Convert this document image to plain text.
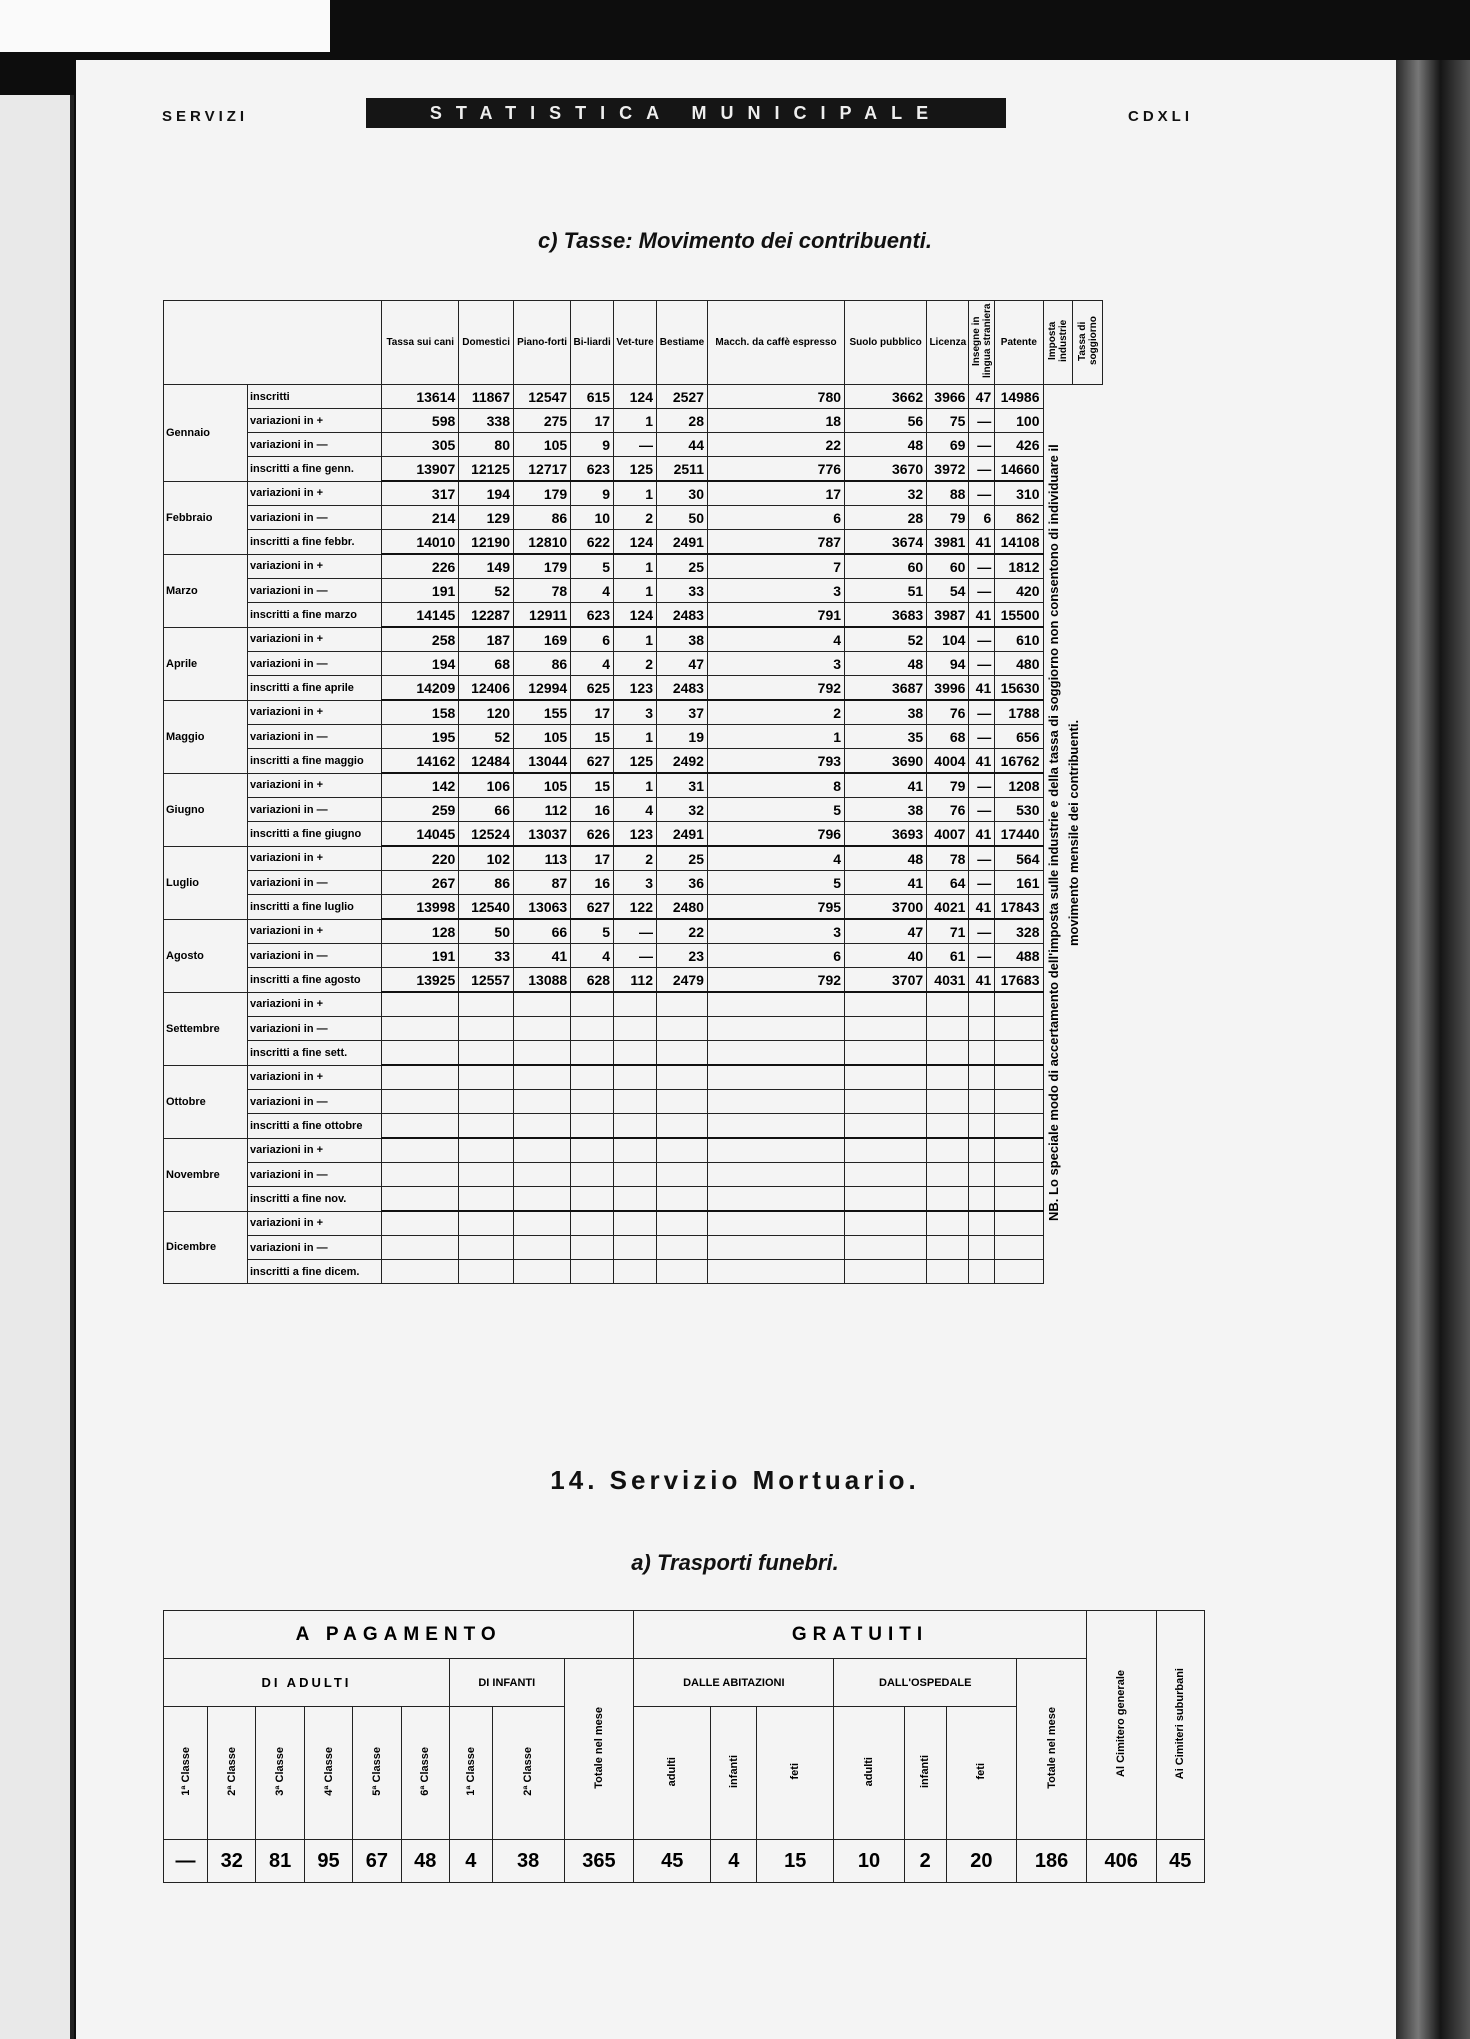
SERVIZI	STATISTICA MUNICIPALE	CDXLI
c) Tasse: Movimento dei contribuenti.
		Tassa sui cani	Domestici	Piano-forti	Bi-liardi	Vet-ture	Bestiame	Macch. da caffè espresso	Suolo pubblico	Licenza	Insegne in lingua straniera	Patente	Imposta industrie	Tassa di soggiorno
Gennaio	inscritti	13614	11867	12547	615	124	2527	780	3662	3966	47	14986	NB. Lo speciale modo di accertamento dell'imposta sulle industrie e della tassa di soggiorno non consentono di individuare il movimento mensile dei contribuenti.	
	variazioni in +	598	338	275	17	1	28	18	56	75	—	100		
	variazioni in —	305	80	105	9	—	44	22	48	69	—	426		
	inscritti a fine genn.	13907	12125	12717	623	125	2511	776	3670	3972	—	14660		
Febbraio	variazioni in +	317	194	179	9	1	30	17	32	88	—	310		
	variazioni in —	214	129	86	10	2	50	6	28	79	6	862		
	inscritti a fine febbr.	14010	12190	12810	622	124	2491	787	3674	3981	41	14108		
Marzo	variazioni in +	226	149	179	5	1	25	7	60	60	—	1812		
	variazioni in —	191	52	78	4	1	33	3	51	54	—	420		
	inscritti a fine marzo	14145	12287	12911	623	124	2483	791	3683	3987	41	15500		
Aprile	variazioni in +	258	187	169	6	1	38	4	52	104	—	610		
	variazioni in —	194	68	86	4	2	47	3	48	94	—	480		
	inscritti a fine aprile	14209	12406	12994	625	123	2483	792	3687	3996	41	15630		
Maggio	variazioni in +	158	120	155	17	3	37	2	38	76	—	1788		
	variazioni in —	195	52	105	15	1	19	1	35	68	—	656		
	inscritti a fine maggio	14162	12484	13044	627	125	2492	793	3690	4004	41	16762		
Giugno	variazioni in +	142	106	105	15	1	31	8	41	79	—	1208		
	variazioni in —	259	66	112	16	4	32	5	38	76	—	530		
	inscritti a fine giugno	14045	12524	13037	626	123	2491	796	3693	4007	41	17440		
Luglio	variazioni in +	220	102	113	17	2	25	4	48	78	—	564		
	variazioni in —	267	86	87	16	3	36	5	41	64	—	161		
	inscritti a fine luglio	13998	12540	13063	627	122	2480	795	3700	4021	41	17843		
Agosto	variazioni in +	128	50	66	5	—	22	3	47	71	—	328		
	variazioni in —	191	33	41	4	—	23	6	40	61	—	488		
	inscritti a fine agosto	13925	12557	13088	628	112	2479	792	3707	4031	41	17683		
Settembre	variazioni in +													
	variazioni in —													
	inscritti a fine sett.													
Ottobre	variazioni in +													
	variazioni in —													
	inscritti a fine ottobre													
Novembre	variazioni in +													
	variazioni in —													
	inscritti a fine nov.													
Dicembre	variazioni in +													
	variazioni in —													
	inscritti a fine dicem.													
14. Servizio Mortuario.
a) Trasporti funebri.
A PAGAMENTO									GRATUITI							Al Cimitero generale	Ai Cimiteri suburbani
DI ADULTI						DI INFANTI		Totale nel mese	DALLE ABITAZIONI			DALL'OSPEDALE			Totale nel mese		
1ª Classe	2ª Classe	3ª Classe	4ª Classe	5ª Classe	6ª Classe	1ª Classe	2ª Classe		adulti	infanti	feti	adulti	infanti	feti			
—	32	81	95	67	48	4	38	365	45	4	15	10	2	20	186	406	45
